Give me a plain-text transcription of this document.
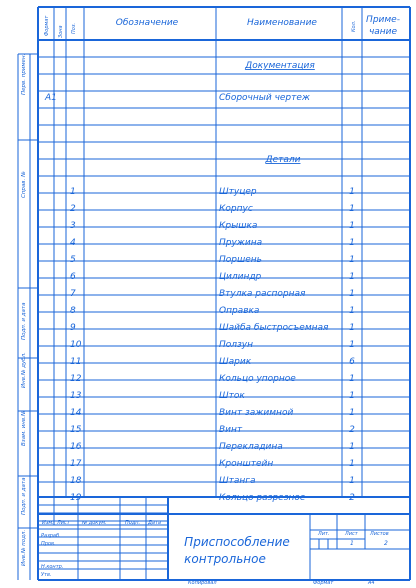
Формат Зона Поз.	Обозначение	Наименование	Кол.
Приме-
чание
Документация
Детали
А1	Сборочный чертеж
1	Штуцер	1
2	Корпус	1
3	Крышка	1
4	Пружина	1
5	Поршень	1
6	Цилиндр	1
7	Втулка распорная	1
8	Оправка	1
9	Шайба быстросъемная 1
10	Ползун	1
11	Шарик	6
12	Кольцо упорное	1
13	Шток	1
14	Винт зажимной	1
15	Винт	2
16	Перекладина	1
17	Кронштейн	1
18	Штанга	1
19	Кольцо разрезное	2
Перв. примен.
Справ. №
Подп. и дата
Инв.№ дубл.
Взам. инв.№
Подп. и дата
Инв.№ подл.
Изм. Лист № докум.	Подп. Дата
Разраб.
Пров.
Н.контр.
Утв.
Приспособление
контрольное
Лит.	Лист Листов
1	2
Копировал	Формат	А4
